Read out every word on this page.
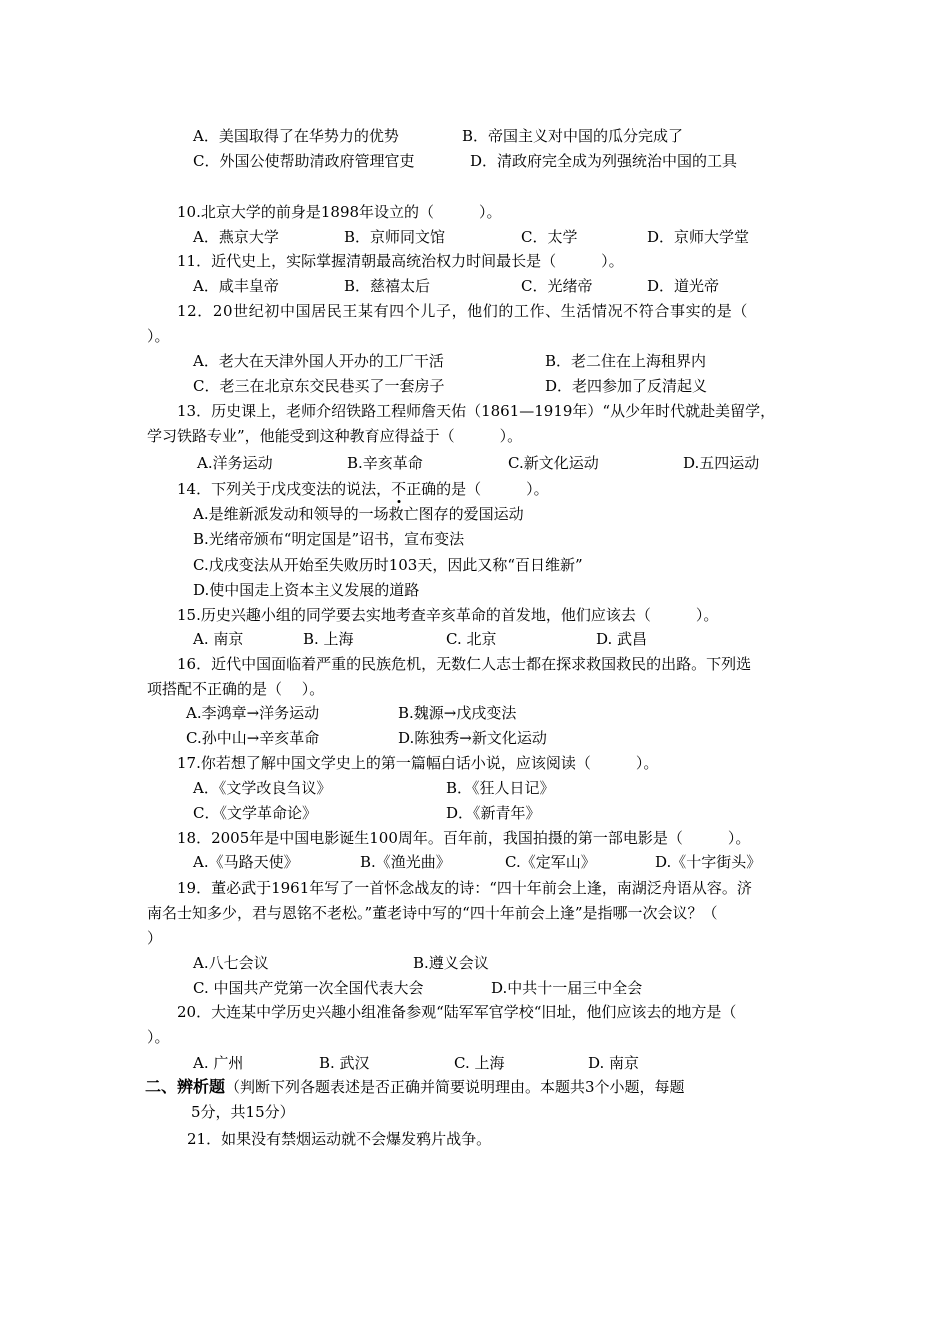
A．美国取得了在华势力的优势	B．帝国主义对中国的瓜分完成了
C．外国公使帮助清政府管理官吏	D．清政府完全成为列强统治中国的工具
10.北京大学的前身是1898年设立的（　　　）。
A．燕京大学	B．京师同文馆	C．太学	D．京师大学堂
11．近代史上，实际掌握清朝最高统治权力时间最长是（　　　）。
A．咸丰皇帝	B．慈禧太后	C．光绪帝	D．道光帝
12．20世纪初中国居民王某有四个儿子，他们的工作、生活情况不符合事实的是（
）。
A．老大在天津外国人开办的工厂干活	B．老二住在上海租界内
C．老三在北京东交民巷买了一套房子	D．老四参加了反清起义
13．历史课上，老师介绍铁路工程师詹天佑（1861—1919年）“从少年时代就赴美留学，
学习铁路专业”，他能受到这种教育应得益于（　　　）。
A.洋务运动	B.辛亥革命	C.新文化运动	D.五四运动
14．下列关于戊戌变法的说法，不正确的是（　　　）。
A.是维新派发动和领导的一场救亡图存的爱国运动
B.光绪帝颁布“明定国是”诏书，宣布变法
C.戊戌变法从开始至失败历时103天，因此又称“百日维新”
D.使中国走上资本主义发展的道路
15.历史兴趣小组的同学要去实地考查辛亥革命的首发地，他们应该去（　　　）。
A. 南京	B. 上海	C. 北京	D. 武昌
16．近代中国面临着严重的民族危机，无数仁人志士都在探求救国救民的出路。下列选
项搭配不正确的是（　 ）。
A.李鸿章→洋务运动	B.魏源→戊戌变法
C.孙中山→辛亥革命	D.陈独秀→新文化运动
17.你若想了解中国文学史上的第一篇幅白话小说，应该阅读（　　　）。
A．《文学改良刍议》	B．《狂人日记》
C．《文学革命论》	D．《新青年》
18．2005年是中国电影诞生100周年。百年前，我国拍摄的第一部电影是（　　　）。
A.《马路天使》	B.《渔光曲》	C.《定军山》	D.《十字街头》
19．董必武于1961年写了一首怀念战友的诗：“四十年前会上逢，南湖泛舟语从容。济
南名士知多少，君与恩铭不老松。”董老诗中写的“四十年前会上逢”是指哪一次会议？（
）
A.八七会议	B.遵义会议
C. 中国共产党第一次全国代表大会	D.中共十一届三中全会
20．大连某中学历史兴趣小组准备参观“陆军军官学校“旧址，他们应该去的地方是（
）。
A. 广州	B. 武汉	C. 上海	D. 南京
二、辨析题（判断下列各题表述是否正确并简要说明理由。本题共3个小题，每题
5分，共15分）
21．如果没有禁烟运动就不会爆发鸦片战争。
